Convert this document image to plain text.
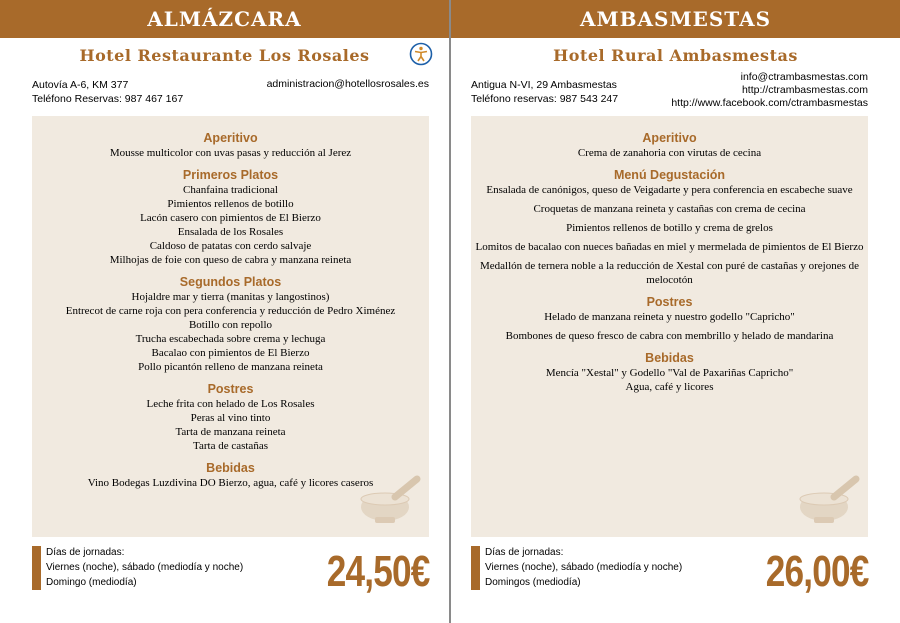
ALMÁZCARA
Hotel Restaurante Los Rosales
Autovía A-6, KM 377
Teléfono Reservas: 987 467 167
administracion@hotellosrosales.es
Aperitivo
Mousse multicolor con uvas pasas y reducción al Jerez
Primeros Platos
Chanfaina tradicional
Pimientos rellenos de botillo
Lacón casero con pimientos de El Bierzo
Ensalada de los Rosales
Caldoso de patatas con cerdo salvaje
Milhojas de foie con queso de cabra y manzana reineta
Segundos Platos
Hojaldre mar y tierra (manitas y langostinos)
Entrecot de carne roja con pera conferencia y reducción de Pedro Ximénez
Botillo con repollo
Trucha escabechada sobre crema y lechuga
Bacalao con pimientos de El Bierzo
Pollo picantón relleno de manzana reineta
Postres
Leche frita con helado de Los Rosales
Peras al vino tinto
Tarta de manzana reineta
Tarta de castañas
Bebidas
Vino Bodegas Luzdivina DO Bierzo, agua, café y licores caseros
Días de jornadas:
Viernes (noche), sábado (mediodía y noche)
Domingo (mediodía)	24,50€
AMBASMESTAS
Hotel Rural Ambasmestas
Antigua N-VI, 29 Ambasmestas
Teléfono reservas: 987 543 247
info@ctrambasmestas.com
http://ctrambasmestas.com
http://www.facebook.com/ctrambasmestas
Aperitivo
Crema de zanahoria con virutas de cecina
Menú Degustación
Ensalada de canónigos, queso de Veigadarte y pera conferencia en escabeche suave
Croquetas de manzana reineta y castañas con crema de cecina
Pimientos rellenos de botillo y crema de grelos
Lomitos de bacalao con nueces bañadas en miel y mermelada de pimientos de El Bierzo
Medallón de ternera noble a la reducción de Xestal con puré de castañas y orejones de melocotón
Postres
Helado de manzana reineta y nuestro godello "Capricho"
Bombones de queso fresco de cabra con membrillo y helado de mandarina
Bebidas
Mencía "Xestal" y Godello "Val de Paxariñas Capricho"
Agua, café y licores
Días de jornadas:
Viernes (noche), sábado (mediodía y noche)
Domingos (mediodía)	26,00€
